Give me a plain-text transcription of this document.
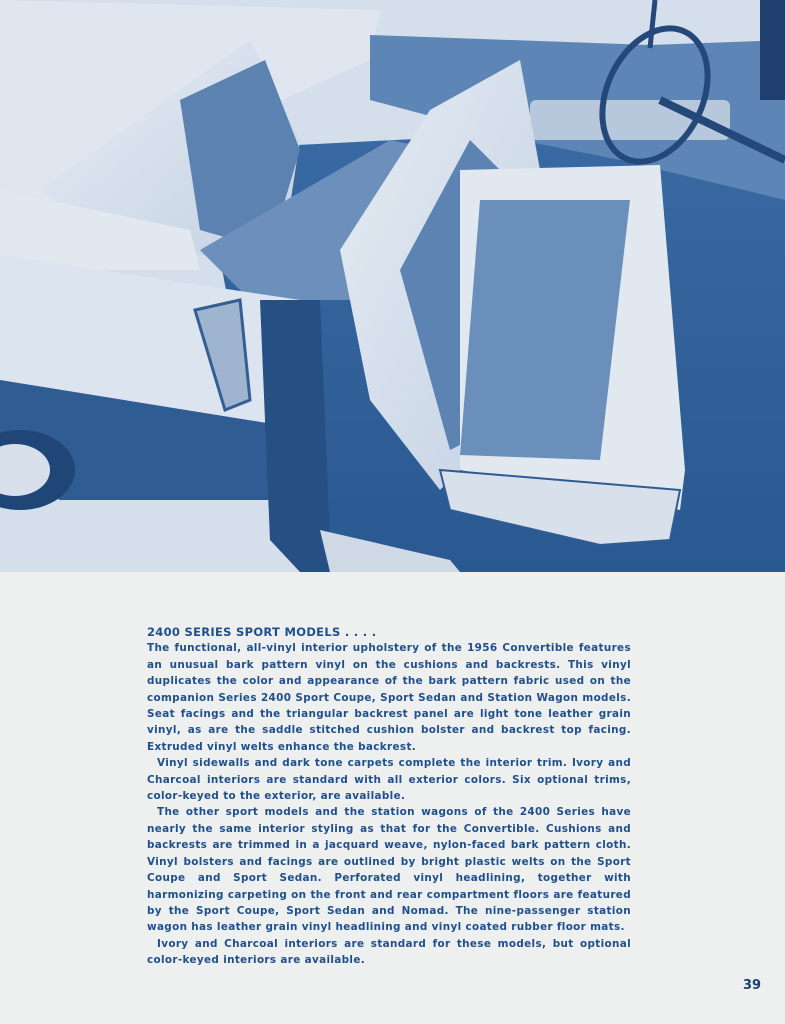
2400 SERIES SPORT MODELS . . . .

The functional, all-vinyl interior upholstery of the 1956 Convertible features an unusual bark pattern vinyl on the cushions and backrests. This vinyl duplicates the color and appearance of the bark pattern fabric used on the companion Series 2400 Sport Coupe, Sport Sedan and Station Wagon models. Seat facings and the triangular backrest panel are light tone leather grain vinyl, as are the saddle stitched cushion bolster and backrest top facing. Extruded vinyl welts enhance the backrest.

Vinyl sidewalls and dark tone carpets complete the interior trim. Ivory and Charcoal interiors are standard with all exterior colors. Six optional trims, color-keyed to the exterior, are available.

The other sport models and the station wagons of the 2400 Series have nearly the same interior styling as that for the Convertible. Cushions and backrests are trimmed in a jacquard weave, nylon-faced bark pattern cloth. Vinyl bolsters and facings are outlined by bright plastic welts on the Sport Coupe and Sport Sedan. Perforated vinyl headlining, together with harmonizing carpeting on the front and rear compartment floors are featured by the Sport Coupe, Sport Sedan and Nomad. The nine-passenger station wagon has leather grain vinyl headlining and vinyl coated rubber floor mats.

Ivory and Charcoal interiors are standard for these models, but optional color-keyed interiors are available.

39
